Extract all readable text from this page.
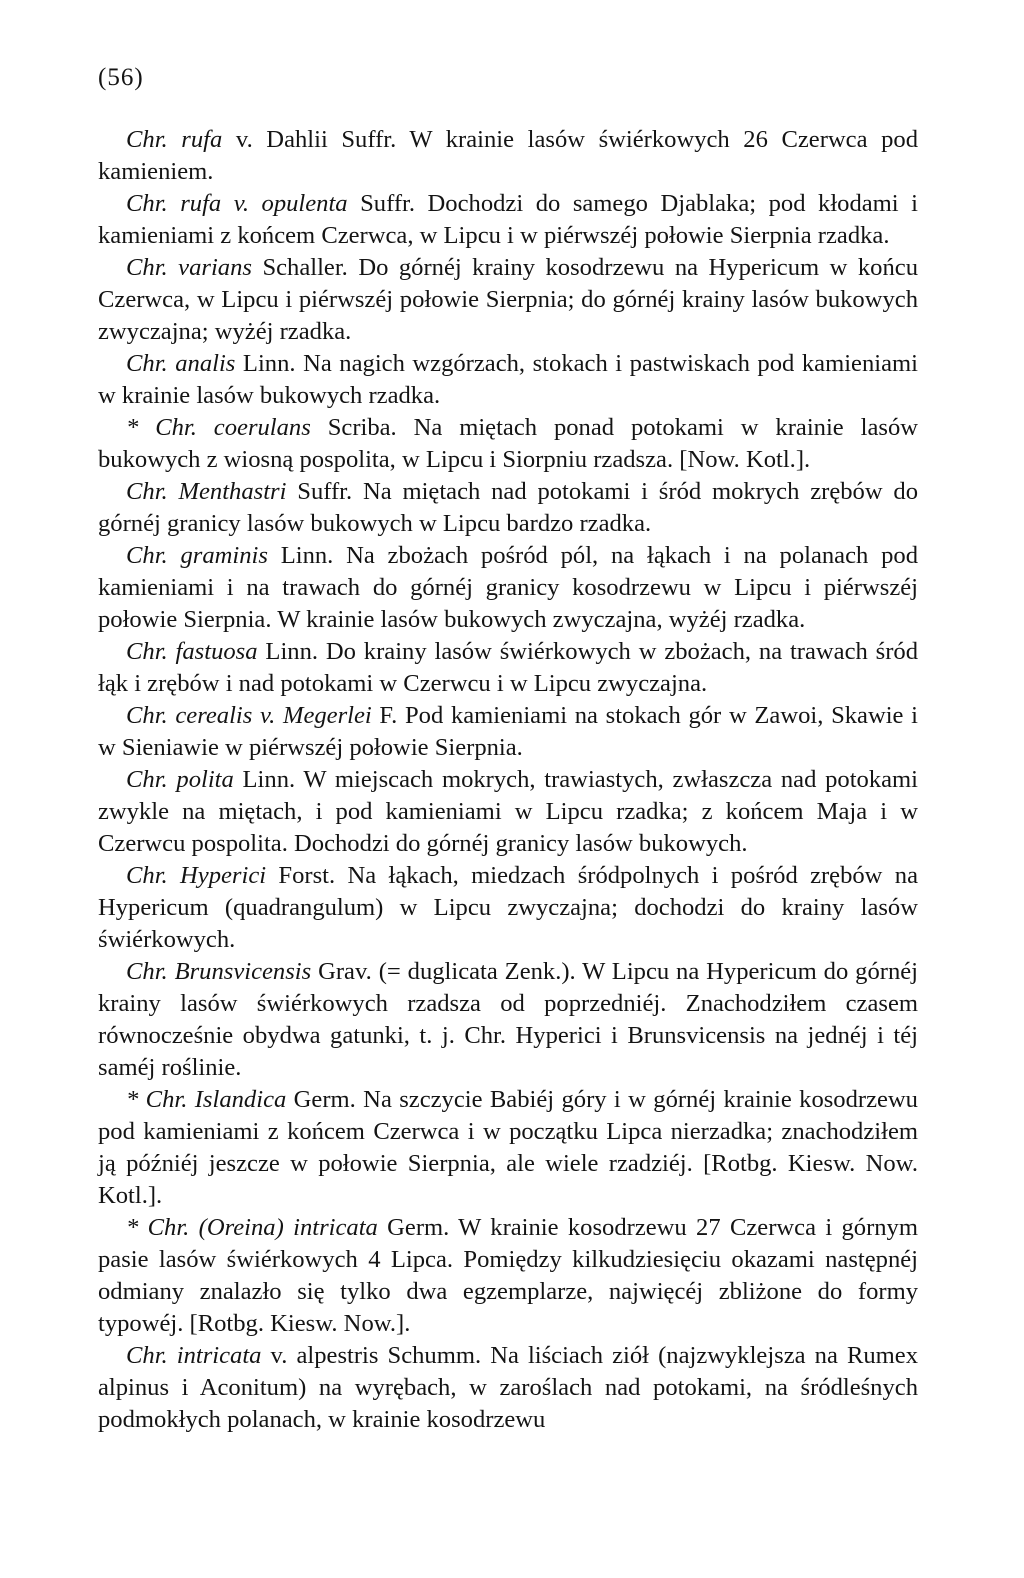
(56)

Chr. rufa v. Dahlii Suffr. W krainie lasów świérkowych 26 Czerwca pod kamieniem.

Chr. rufa v. opulenta Suffr. Dochodzi do samego Djablaka; pod kłodami i kamieniami z końcem Czerwca, w Lipcu i w piérwszéj połowie Sierpnia rzadka.

Chr. varians Schaller. Do górnéj krainy kosodrzewu na Hypericum w końcu Czerwca, w Lipcu i piérwszéj połowie Sierpnia; do górnéj krainy lasów bukowych zwyczajna; wyżéj rzadka.

Chr. analis Linn. Na nagich wzgórzach, stokach i pastwiskach pod kamieniami w krainie lasów bukowych rzadka.

* Chr. coerulans Scriba. Na miętach ponad potokami w krainie lasów bukowych z wiosną pospolita, w Lipcu i Siorpniu rzadsza. [Now. Kotl.].

Chr. Menthastri Suffr. Na miętach nad potokami i śród mokrych zrębów do górnéj granicy lasów bukowych w Lipcu bardzo rzadka.

Chr. graminis Linn. Na zbożach pośród pól, na łąkach i na polanach pod kamieniami i na trawach do górnéj granicy kosodrzewu w Lipcu i piérwszéj połowie Sierpnia. W krainie lasów bukowych zwyczajna, wyżéj rzadka.

Chr. fastuosa Linn. Do krainy lasów świérkowych w zbożach, na trawach śród łąk i zrębów i nad potokami w Czerwcu i w Lipcu zwyczajna.

Chr. cerealis v. Megerlei F. Pod kamieniami na stokach gór w Zawoi, Skawie i w Sieniawie w piérwszéj połowie Sierpnia.

Chr. polita Linn. W miejscach mokrych, trawiastych, zwłaszcza nad potokami zwykle na miętach, i pod kamieniami w Lipcu rzadka; z końcem Maja i w Czerwcu pospolita. Dochodzi do górnéj granicy lasów bukowych.

Chr. Hyperici Forst. Na łąkach, miedzach śródpolnych i pośród zrębów na Hypericum (quadrangulum) w Lipcu zwyczajna; dochodzi do krainy lasów świérkowych.

Chr. Brunsvicensis Grav. (= duglicata Zenk.). W Lipcu na Hypericum do górnéj krainy lasów świérkowych rzadsza od poprzedniéj. Znachodziłem czasem równocześnie obydwa gatunki, t. j. Chr. Hyperici i Brunsvicensis na jednéj i téj saméj roślinie.

* Chr. Islandica Germ. Na szczycie Babiéj góry i w górnéj krainie kosodrzewu pod kamieniami z końcem Czerwca i w początku Lipca nierzadka; znachodziłem ją późniéj jeszcze w połowie Sierpnia, ale wiele rzadziéj. [Rotbg. Kiesw. Now. Kotl.].

* Chr. (Oreina) intricata Germ. W krainie kosodrzewu 27 Czerwca i górnym pasie lasów świérkowych 4 Lipca. Pomiędzy kilkudziesięciu okazami następnéj odmiany znalazło się tylko dwa egzemplarze, najwięcéj zbliżone do formy typowéj. [Rotbg. Kiesw. Now.].

Chr. intricata v. alpestris Schumm. Na liściach ziół (najzwyklejsza na Rumex alpinus i Aconitum) na wyrębach, w zaroślach nad potokami, na śródleśnych podmokłych polanach, w krainie kosodrzewu
